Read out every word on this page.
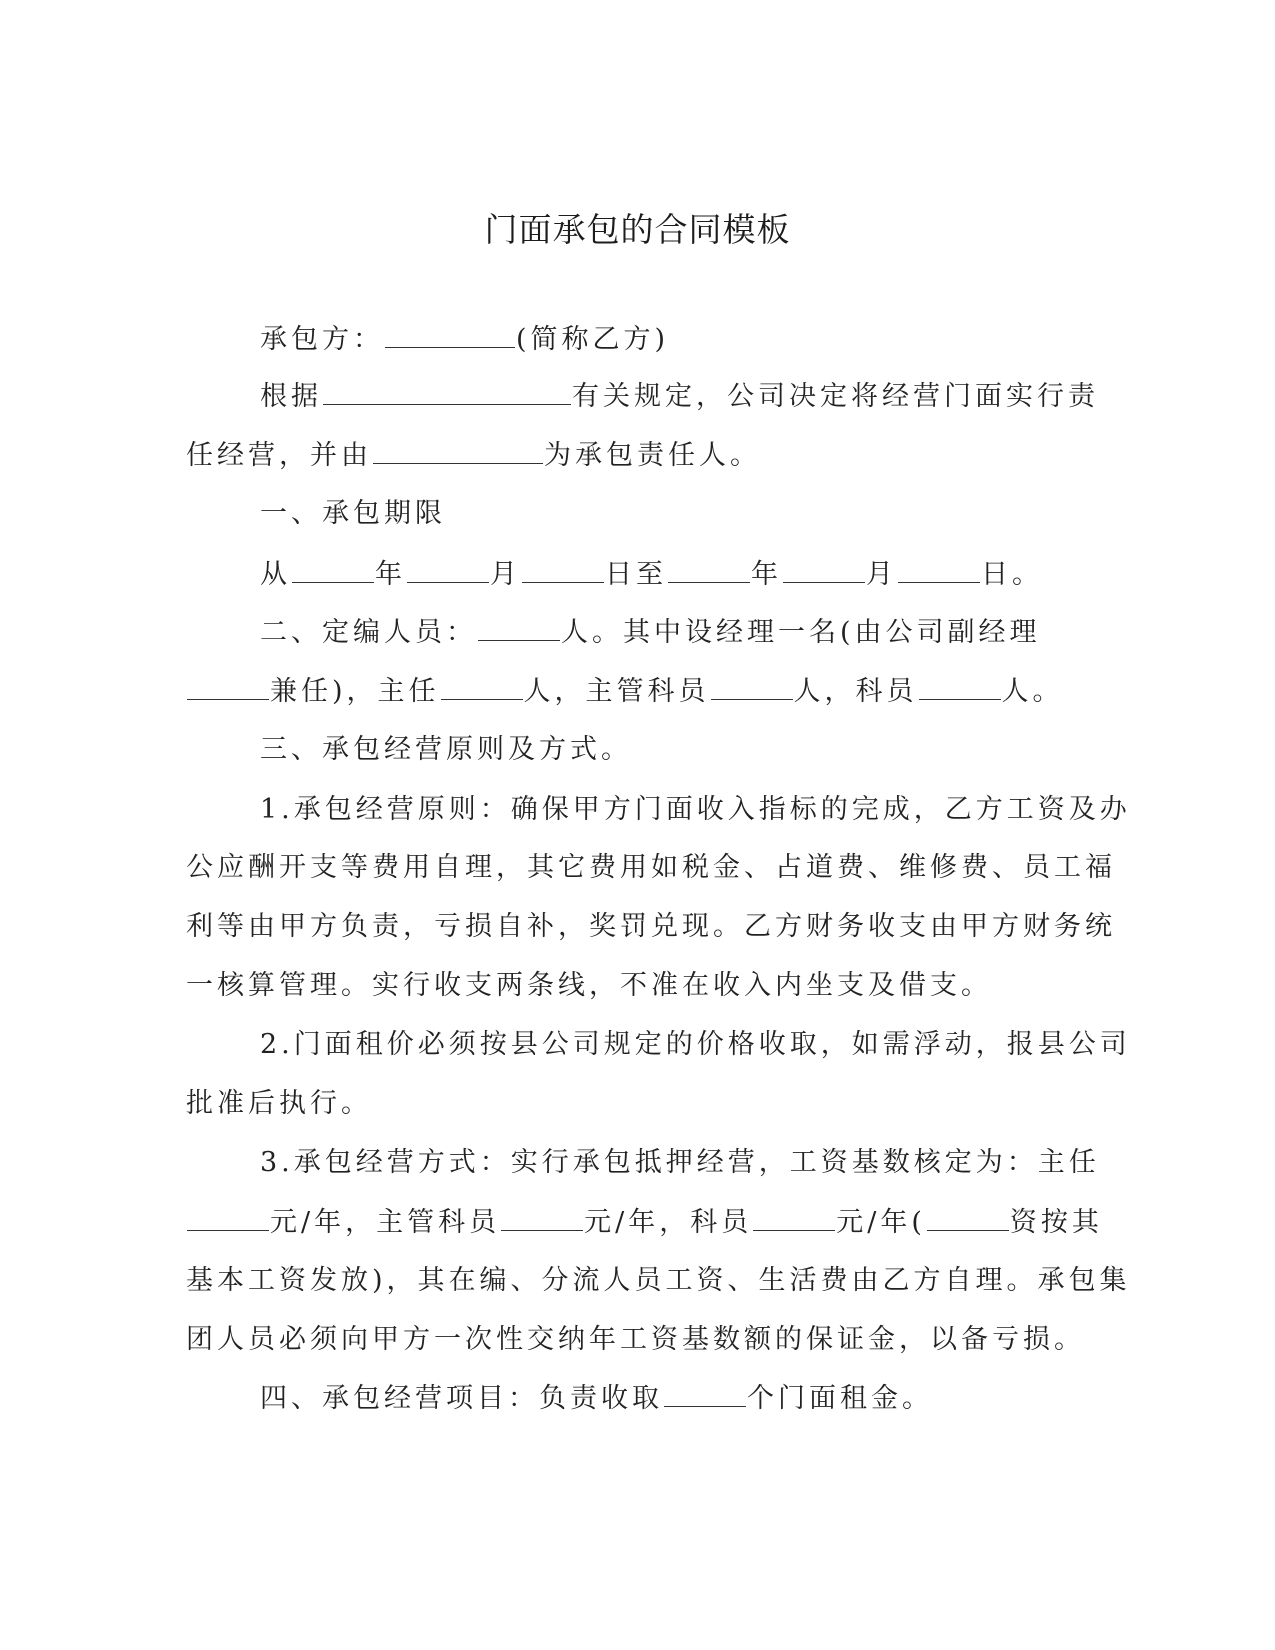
门面承包的合同模板
承包方：	(简称乙方)
根据	有关规定，公司决定将经营门面实行责
任经营，并由	为承包责任人。
一、承包期限
从	年	月	日至	年	月	日。
二、定编人员：	人。其中设经理一名(由公司副经理
兼任)，主任	人，主管科员	人，科员	人。
三、承包经营原则及方式。
1.承包经营原则：确保甲方门面收入指标的完成，乙方工资及办
公应酬开支等费用自理，其它费用如税金、占道费、维修费、员工福
利等由甲方负责，亏损自补，奖罚兑现。乙方财务收支由甲方财务统
一核算管理。实行收支两条线，不准在收入内坐支及借支。
2.门面租价必须按县公司规定的价格收取，如需浮动，报县公司
批准后执行。
3.承包经营方式：实行承包抵押经营，工资基数核定为：主任
元/年，主管科员	元/年，科员	元/年(	资按其
基本工资发放)，其在编、分流人员工资、生活费由乙方自理。承包集
团人员必须向甲方一次性交纳年工资基数额的保证金，以备亏损。
四、承包经营项目：负责收取	个门面租金。
